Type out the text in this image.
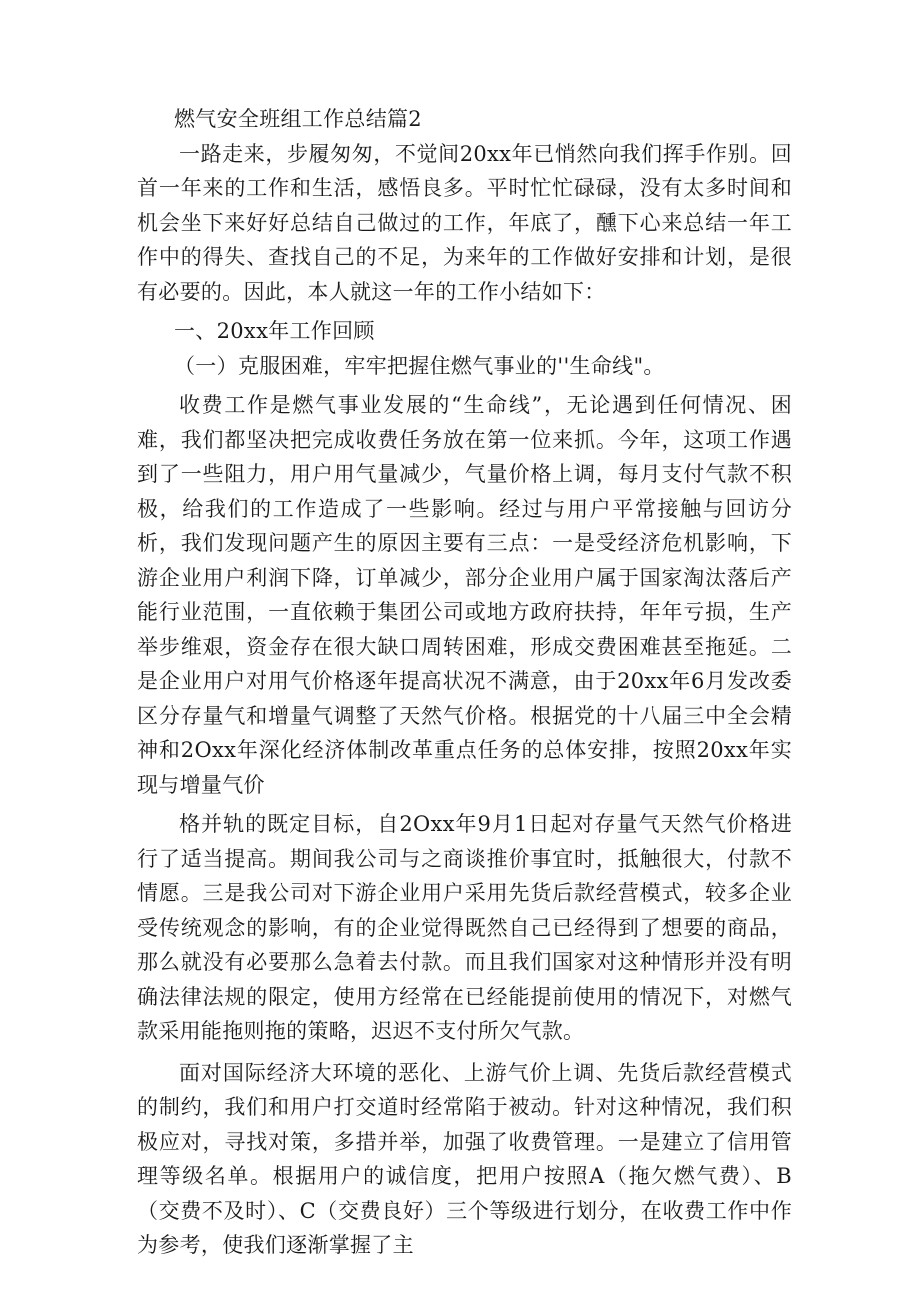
燃气安全班组工作总结篇2

一路走来，步履匆匆，不觉间20xx年已悄然向我们挥手作别。回首一年来的工作和生活，感悟良多。平时忙忙碌碌，没有太多时间和机会坐下来好好总结自己做过的工作，年底了，醺下心来总结一年工作中的得失、查找自己的不足，为来年的工作做好安排和计划，是很有必要的。因此，本人就这一年的工作小结如下：

一、20xx年工作回顾

（一）克服困难，牢牢把握住燃气事业的''生命线"。

收费工作是燃气事业发展的“生命线”，无论遇到任何情况、困难，我们都坚决把完成收费任务放在第一位来抓。今年，这项工作遇到了一些阻力，用户用气量减少，气量价格上调，每月支付气款不积极，给我们的工作造成了一些影响。经过与用户平常接触与回访分析，我们发现问题产生的原因主要有三点：一是受经济危机影响，下游企业用户利润下降，订单减少，部分企业用户属于国家淘汰落后产能行业范围，一直依赖于集团公司或地方政府扶持，年年亏损，生产举步维艰，资金存在很大缺口周转困难，形成交费困难甚至拖延。二是企业用户对用气价格逐年提高状况不满意，由于20xx年6月发改委区分存量气和增量气调整了天然气价格。根据党的十八届三中全会精神和2Oxx年深化经济体制改革重点任务的总体安排，按照20xx年实现与增量气价

格并轨的既定目标，自2Oxx年9月1日起对存量气天然气价格进行了适当提高。期间我公司与之商谈推价事宜时，抵触很大，付款不情愿。三是我公司对下游企业用户采用先货后款经营模式，较多企业受传统观念的影响，有的企业觉得既然自己已经得到了想要的商品，那么就没有必要那么急着去付款。而且我们国家对这种情形并没有明确法律法规的限定，使用方经常在已经能提前使用的情况下，对燃气款采用能拖则拖的策略，迟迟不支付所欠气款。

面对国际经济大环境的恶化、上游气价上调、先货后款经营模式的制约，我们和用户打交道时经常陷于被动。针对这种情况，我们积极应对，寻找对策，多措并举，加强了收费管理。一是建立了信用管理等级名单。根据用户的诚信度，把用户按照A（拖欠燃气费）、B（交费不及时）、C（交费良好）三个等级进行划分，在收费工作中作为参考，使我们逐渐掌握了主
